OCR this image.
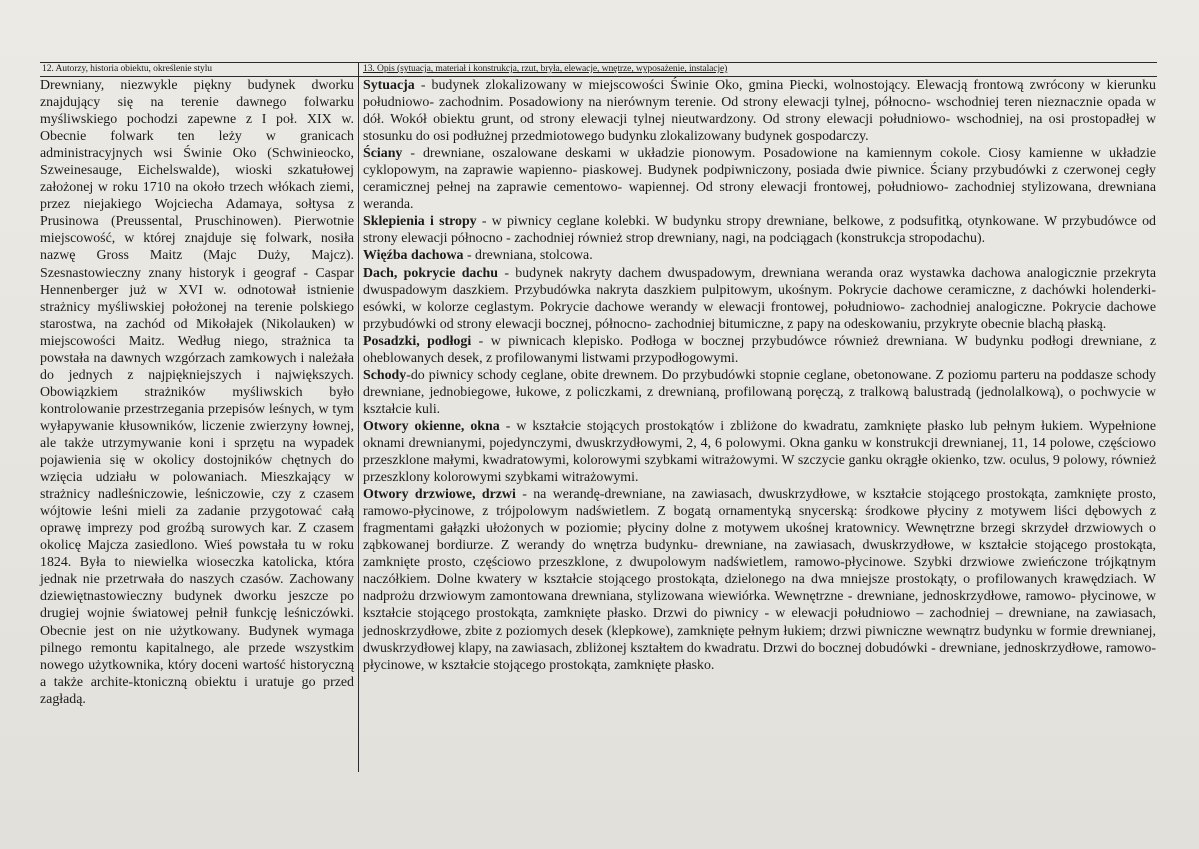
12. Autorzy, historia obiektu, określenie stylu	13. Opis (sytuacja, materiał i konstrukcja, rzut, bryła, elewacje, wnętrze, wyposażenie, instalacje)

Drewniany, niezwykle piękny budynek dworku znajdujący się na terenie dawnego folwarku myśliwskiego pochodzi zapewne z I poł. XIX w. Obecnie folwark ten leży w granicach administracyjnych wsi Świnie Oko (Schwinieocko, Szweinesauge, Eichelswalde), wioski szkatułowej założonej w roku 1710 na około trzech włókach ziemi, przez niejakiego Wojciecha Adamaya, sołtysa z Prusinowa (Preussental, Pruschinowen). Pierwotnie miejscowość, w której znajduje się folwark, nosiła nazwę Gross Maitz (Majc Duży, Majcz). Szesnastowieczny znany historyk i geograf - Caspar Hennenberger już w XVI w. odnotował istnienie strażnicy myśliwskiej położonej na terenie polskiego starostwa, na zachód od Mikołajek (Nikolauken) w miejscowości Maitz. Według niego, strażnica ta powstała na dawnych wzgórzach zamkowych i należała do jednych z najpiękniejszych i największych. Obowiązkiem strażników myśliwskich było kontrolowanie przestrzegania przepisów leśnych, w tym wyłapywanie kłusowników, liczenie zwierzyny łownej, ale także utrzymywanie koni i sprzętu na wypadek pojawienia się w okolicy dostojników chętnych do wzięcia udziału w polowaniach. Mieszkający w strażnicy nadleśniczowie, leśniczowie, czy z czasem wójtowie leśni mieli za zadanie przygotować całą oprawę imprezy pod groźbą surowych kar. Z czasem okolicę Majcza zasiedlono. Wieś powstała tu w roku 1824. Była to niewielka wioseczka katolicka, która jednak nie przetrwała do naszych czasów. Zachowany dziewiętnastowieczny budynek dworku jeszcze po drugiej wojnie światowej pełnił funkcję leśniczówki. Obecnie jest on nie użytkowany. Budynek wymaga pilnego remontu kapitalnego, ale przede wszystkim nowego użytkownika, który doceni wartość historyczną a także archite-ktoniczną obiektu i uratuje go przed zagładą.

Sytuacja - budynek zlokalizowany w miejscowości Świnie Oko, gmina Piecki, wolnostojący. Elewacją frontową zwrócony w kierunku południowo- zachodnim. Posadowiony na nierównym terenie. Od strony elewacji tylnej, północno- wschodniej teren nieznacznie opada w dół. Wokół obiektu grunt, od strony elewacji tylnej nieutwardzony. Od strony elewacji południowo- wschodniej, na osi prostopadłej w stosunku do osi podłużnej przedmiotowego budynku zlokalizowany budynek gospodarczy.

Ściany - drewniane, oszalowane deskami w układzie pionowym. Posadowione na kamiennym cokole. Ciosy kamienne w układzie cyklopowym, na zaprawie wapienno- piaskowej. Budynek podpiwniczony, posiada dwie piwnice. Ściany przybudówki z czerwonej cegły ceramicznej pełnej na zaprawie cementowo- wapiennej. Od strony elewacji frontowej, południowo- zachodniej stylizowana, drewniana weranda.

Sklepienia i stropy - w piwnicy ceglane kolebki. W budynku stropy drewniane, belkowe, z podsufitką, otynkowane. W przybudówce od strony elewacji północno - zachodniej również strop drewniany, nagi, na podciągach (konstrukcja stropodachu).

Więźba dachowa - drewniana, stolcowa.

Dach, pokrycie dachu - budynek nakryty dachem dwuspadowym, drewniana weranda oraz wystawka dachowa analogicznie przekryta dwuspadowym daszkiem. Przybudówka nakryta daszkiem pulpitowym, ukośnym. Pokrycie dachowe ceramiczne, z dachówki holenderki-esówki, w kolorze ceglastym. Pokrycie dachowe werandy w elewacji frontowej, południowo- zachodniej analogiczne. Pokrycie dachowe przybudówki od strony elewacji bocznej, północno- zachodniej bitumiczne, z papy na odeskowaniu, przykryte obecnie blachą płaską.

Posadzki, podłogi - w piwnicach klepisko. Podłoga w bocznej przybudówce również drewniana. W budynku podłogi drewniane, z oheblowanych desek, z profilowanymi listwami przypodłogowymi.

Schody-do piwnicy schody ceglane, obite drewnem. Do przybudówki stopnie ceglane, obetonowane. Z poziomu parteru na poddasze schody drewniane, jednobiegowe, łukowe, z policzkami, z drewnianą, profilowaną poręczą, z tralkową balustradą (jednolalkową), o pochwycie w kształcie kuli.

Otwory okienne, okna - w kształcie stojących prostokątów i zbliżone do kwadratu, zamknięte płasko lub pełnym łukiem. Wypełnione oknami drewnianymi, pojedynczymi, dwuskrzydłowymi, 2, 4, 6 polowymi. Okna ganku w konstrukcji drewnianej, 11, 14 polowe, częściowo przeszklone małymi, kwadratowymi, kolorowymi szybkami witrażowymi. W szczycie ganku okrągłe okienko, tzw. oculus, 9 polowy, również przeszklony kolorowymi szybkami witrażowymi.

Otwory drzwiowe, drzwi - na werandę-drewniane, na zawiasach, dwuskrzydłowe, w kształcie stojącego prostokąta, zamknięte prosto, ramowo-płycinowe, z trójpolowym nadświetlem. Z bogatą ornamentyką snycerską: środkowe płyciny z motywem liści dębowych z fragmentami gałązki ułożonych w poziomie; płyciny dolne z motywem ukośnej kratownicy. Wewnętrzne brzegi skrzydeł drzwiowych o ząbkowanej bordiurze. Z werandy do wnętrza budynku- drewniane, na zawiasach, dwuskrzydłowe, w kształcie stojącego prostokąta, zamknięte prosto, częściowo przeszklone, z dwupolowym nadświetlem, ramowo-płycinowe. Szybki drzwiowe zwieńczone trójkątnym naczółkiem. Dolne kwatery w kształcie stojącego prostokąta, dzielonego na dwa mniejsze prostokąty, o profilowanych krawędziach. W nadprożu drzwiowym zamontowana drewniana, stylizowana wiewiórka. Wewnętrzne - drewniane, jednoskrzydłowe, ramowo- płycinowe, w kształcie stojącego prostokąta, zamknięte płasko. Drzwi do piwnicy - w elewacji południowo – zachodniej – drewniane, na zawiasach, jednoskrzydłowe, zbite z poziomych desek (klepkowe), zamknięte pełnym łukiem; drzwi piwniczne wewnątrz budynku w formie drewnianej, dwuskrzydłowej klapy, na zawiasach, zbliżonej kształtem do kwadratu. Drzwi do bocznej dobudówki - drewniane, jednoskrzydłowe, ramowo- płycinowe, w kształcie stojącego prostokąta, zamknięte płasko.
